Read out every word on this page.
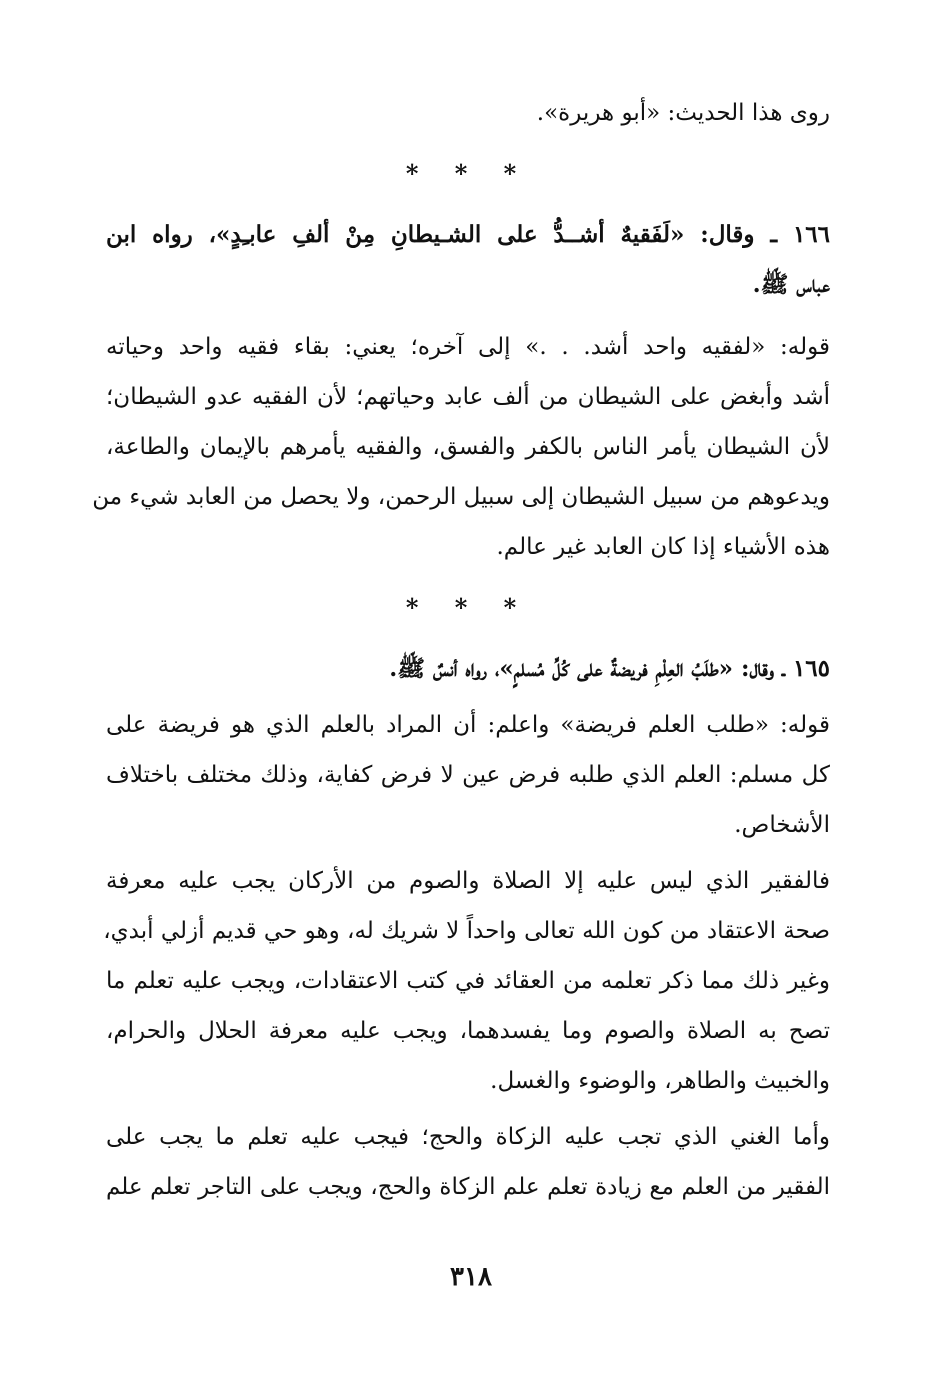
روى هذا الحديث: «أبو هريرة».
* * *
١٦٦ ـ وقال: «لَفَقيهٌ أشــدُّ على الشـيطانِ مِنْ ألفِ عابـِدٍ»، رواه ابن
عباس ﷺ.
قوله: «لفقيه واحد أشد. . .» إلى آخره؛ يعني: بقاء فقيه واحد وحياته
أشد وأبغض على الشيطان من ألف عابد وحياتهم؛ لأن الفقيه عدو الشيطان؛
لأن الشيطان يأمر الناس بالكفر والفسق، والفقيه يأمرهم بالإيمان والطاعة،
ويدعوهم من سبيل الشيطان إلى سبيل الرحمن، ولا يحصل من العابد شيء من
هذه الأشياء إذا كان العابد غير عالم.
* * *
١٦٥ ـ وقال: «طلَبُ العِلْمِ فريضةٌ على كُلِّ مُسلمٍ»، رواه أنسٌ ﷺ.
قوله: «طلب العلم فريضة» واعلم: أن المراد بالعلم الذي هو فريضة على
كل مسلم: العلم الذي طلبه فرض عين لا فرض كفاية، وذلك مختلف باختلاف
الأشخاص.
فالفقير الذي ليس عليه إلا الصلاة والصوم من الأركان يجب عليه معرفة
صحة الاعتقاد من كون الله تعالى واحداً لا شريك له، وهو حي قديم أزلي أبدي،
وغير ذلك مما ذكر تعلمه من العقائد في كتب الاعتقادات، ويجب عليه تعلم ما
تصح به الصلاة والصوم وما يفسدهما، ويجب عليه معرفة الحلال والحرام،
والخبيث والطاهر، والوضوء والغسل.
وأما الغني الذي تجب عليه الزكاة والحج؛ فيجب عليه تعلم ما يجب على
الفقير من العلم مع زيادة تعلم علم الزكاة والحج، ويجب على التاجر تعلم علم
٣١٨
